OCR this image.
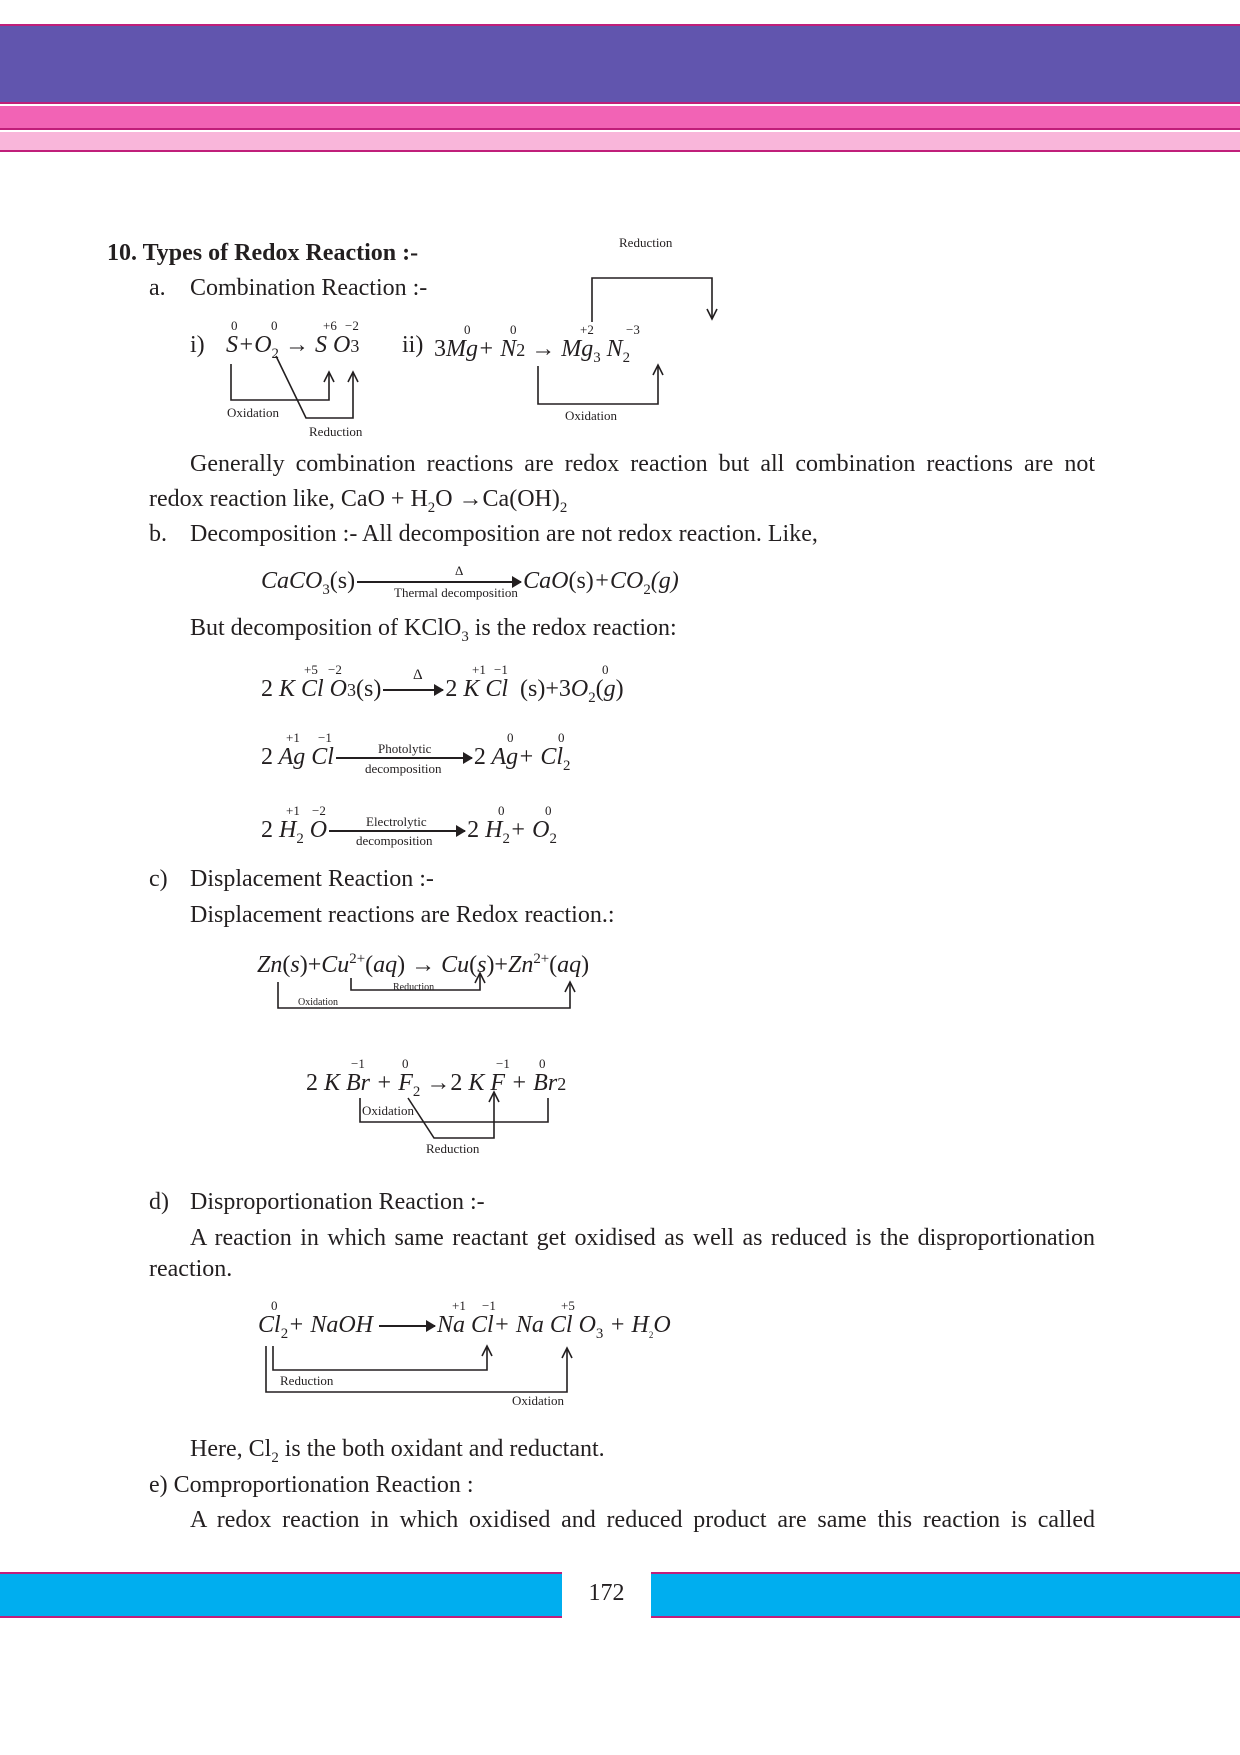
10. Types of Redox Reaction :-
a. Combination Reaction :-
i)
0	0	+6 −2
$S+O_2 \to S$ O3
Oxidation
Reduction
ii)
Reduction
0	0	+2 −3
$3Mg+ N2 \to Mg_3$ $N_2$
Oxidation
Generally combination reactions are redox reaction but all combination reactions are not
redox reaction like, CaO + $H_2O \to Ca(OH)_2$
b. Decomposition :- All decomposition are not redox reaction. Like,
CaCO$_3$(s)	$CaO(s)+CO_2(g)$
Δ
Thermal decomposition
But decomposition of KClO$_3$ is the redox reaction:
+5 −2	+1 −1	0
2 K Cl O3(s)	2 K Cl  $(s)+3O_2(g)$
Δ
+1 −1	0	0
2 Ag Cl	2 $Ag+ Cl_2$
Photolytic
decomposition
+1 −2	0	0
2 $H_2$ O	2 $H_2+ O_2$
Electrolytic
decomposition
c) Displacement Reaction :-
Displacement reactions are Redox reaction.:
$Zn(s)+Cu^{2+}(aq) \to Cu(s)+Zn^{2+}(aq)$
Reduction
Oxidation
−1	0	−1 0
2 K $Br + F_2 \to 2$ K F + Br2
Oxidation
Reduction
d) Disproportionation Reaction :-
A reaction in which same reactant get oxidised as well as reduced is the disproportionation
reaction.
0	+1 −1	+5
$Cl_2+$ NaOH	Na Cl+ Na Cl $O_3 + H_2O$
Reduction
Oxidation
Here, $Cl_2$ is the both oxidant and reductant.
e) Comproportionation Reaction :
A redox reaction in which oxidised and reduced product are same this reaction is called
172
